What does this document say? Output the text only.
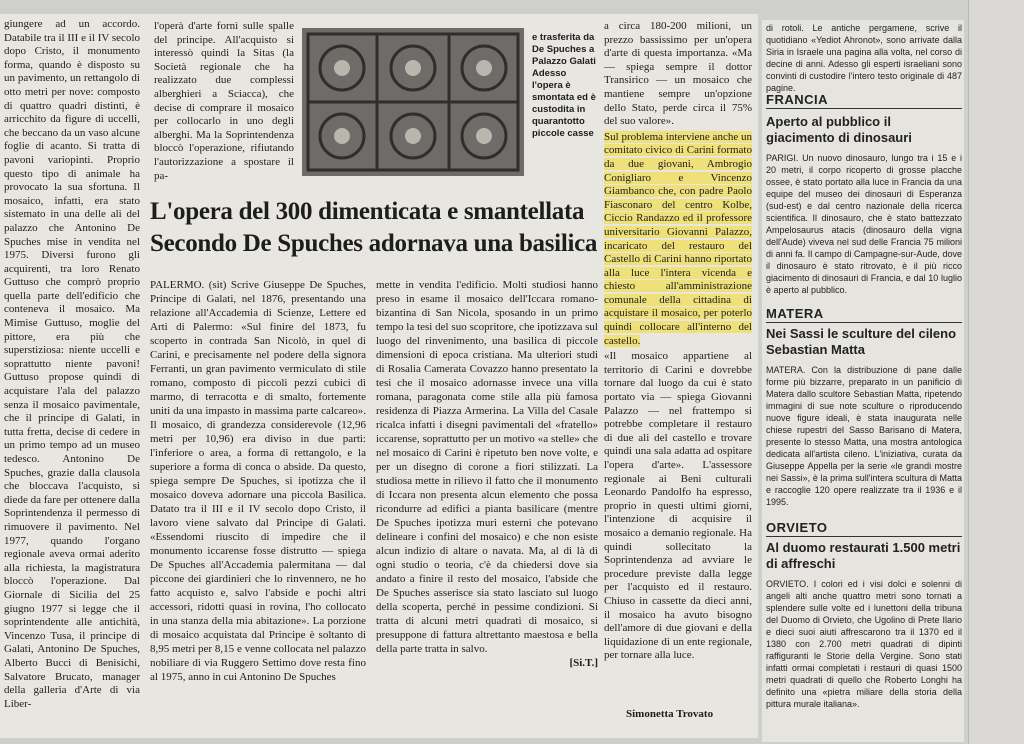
giungere ad un accordo. Databile tra il III e il IV secolo dopo Cristo, il monumento forma, quando è disposto su un pavimento, un rettangolo di otto metri per nove: composto di quattro quadri distinti, è arricchito da figure di uccelli, che beccano da un vaso alcune foglie di acanto. Si tratta di pavoni variopinti. Proprio questo tipo di animale ha provocato la sua sfortuna. Il mosaico, infatti, era stato sistemato in una delle ali del palazzo che Antonino De Spuches mise in vendita nel 1975. Diversi furono gli acquirenti, tra loro Renato Guttuso che comprò proprio quella parte dell'edificio che conteneva il mosaico. Ma Mimise Guttuso, moglie del pittore, era più che superstiziosa: niente uccelli e soprattutto niente pavoni! Guttuso propose quindi di acquistare l'ala del palazzo senza il mosaico pavimentale, che il principe di Galati, in tutta fretta, decise di cedere in un primo tempo ad un museo tedesco. Antonino De Spuches, grazie dalla clausola che bloccava l'acquisto, si diede da fare per ottenere dalla Soprintendenza il permesso di rimuovere il pavimento. Nel 1977, quando l'organo regionale aveva ormai aderito alla richiesta, la magistratura bloccò l'operazione. Dal Giornale di Sicilia del 25 giugno 1977 si legge che il soprintendente alle antichità, Vincenzo Tusa, il principe di Galati, Antonino De Spuches, Alberto Bucci di Benisichi, Salvatore Brucato, manager della galleria d'Arte di via Liber-

l'operà d'arte fornì sulle spalle del principe. All'acquisto si interessò quindi la Sitas (la Società regionale che ha realizzato due complessi alberghieri a Sciacca), che decise di comprare il mosaico per collocarlo in uno degli alberghi. Ma la Soprintendenza bloccò l'operazione, rifiutando l'autorizzazione a spostare il pa-

e trasferita da De Spuches a Palazzo Galati Adesso l'opera è smontata ed è custodita in quarantotto piccole casse
L'opera del 300 dimenticata e smantellata
Secondo De Spuches adornava una basilica
PALERMO. (sit) Scrive Giuseppe De Spuches, Principe di Galati, nel 1876, presentando una relazione all'Accademia di Scienze, Lettere ed Arti di Palermo: «Sul finire del 1873, fu scoperto in contrada San Nicolò, in quel di Carini, e precisamente nel podere della signora Ferranti, un gran pavimento vermiculato di stile romano, composto di piccoli pezzi cubici di marmo, di terracotta e di smalto, fortemente uniti da una impasto in massima parte calcareo». Il mosaico, di grandezza considerevole (12,96 metri per 10,96) era diviso in due parti: l'inferiore o area, a forma di rettangolo, e la superiore a forma di conca o abside. Da questo, spiega sempre De Spuches, si ipotizza che il mosaico doveva adornare una piccola Basilica. Datato tra il III e il IV secolo dopo Cristo, il lavoro viene salvato dal Principe di Galati. «Essendomi riuscito di impedire che il monumento iccarense fosse distrutto — spiega De Spuches all'Accademia palermitana — dal piccone dei giardinieri che lo rinvennero, ne ho fatto acquisto e, salvo l'abside e pochi altri accessori, ridotti quasi in rovina, l'ho collocato in una stanza della mia abitazione». La porzione di mosaico acquistata dal Principe è soltanto di 8,95 metri per 8,15 e venne collocata nel palazzo nobiliare di via Ruggero Settimo dove resta fino al 1975, anno in cui Antonino De Spuches
mette in vendita l'edificio. Molti studiosi hanno preso in esame il mosaico dell'Iccara romano-bizantina di San Nicola, sposando in un primo tempo la tesi del suo scopritore, che ipotizzava sul luogo del rinvenimento, una basilica di piccole dimensioni di epoca cristiana. Ma ulteriori studi di Rosalia Camerata Covazzo hanno presentato la tesi che il mosaico adornasse invece una villa romana, paragonata come stile alla più famosa residenza di Piazza Armerina. La Villa del Casale ricalca infatti i disegni pavimentali del «fratello» iccarense, soprattutto per un motivo «a stelle» che nel mosaico di Carini è ripetuto ben nove volte, e per un disegno di corone a fiori stilizzati. La studiosa mette in rilievo il fatto che il monumento di Iccara non presenta alcun elemento che possa ricondurre ad edifici a pianta basilicare (mentre De Spuches ipotizza muri esterni che potevano delineare i confini del mosaico) e che non esiste alcun indizio di altare o navata. Ma, al di là di ogni studio o teoria, c'è da chiedersi dove sia andato a finire il resto del mosaico, l'abside che De Spuches asserisce sia stato lasciato sul luogo della scoperta, perché in pessime condizioni. Si tratta di alcuni metri quadrati di mosaico, si presuppone di fattura altrettanto maestosa e bella della parte tratta in salvo.
[Si.T.]

a circa 180-200 milioni, un prezzo bassissimo per un'opera d'arte di questa importanza. «Ma — spiega sempre il dottor Transirico — un mosaico che mantiene sempre un'opzione dello Stato, perde circa il 75% del suo valore».

Sul problema interviene anche un comitato civico di Carini formato da due giovani, Ambrogio Conigliaro e Vincenzo Giambanco che, con padre Paolo Fiasconaro del centro Kolbe, Ciccio Randazzo ed il professore universitario Giovanni Palazzo, incaricato del restauro del Castello di Carini hanno riportato alla luce l'intera vicenda e chiesto all'amministrazione comunale della cittadina di acquistare il mosaico, per poterlo quindi collocare all'interno del castello.

«Il mosaico appartiene al territorio di Carini e dovrebbe tornare dal luogo da cui è stato portato via — spiega Giovanni Palazzo — nel frattempo si potrebbe completare il restauro di due ali del castello e trovare quindi una sala adatta ad ospitare l'opera d'arte». L'assessore regionale ai Beni culturali Leonardo Pandolfo ha espresso, proprio in questi ultimi giorni, l'intenzione di acquisire il mosaico a demanio regionale. Ha quindi sollecitato la Soprintendenza ad avviare le procedure previste dalla legge per l'acquisto ed il restauro. Chiuso in cassette da dieci anni, il mosaico ha avuto bisogno dell'amore di due giovani e della liquidazione di un ente regionale, per tornare alla luce.

Simonetta Trovato
di rotoli. Le antiche pergamene, scrive il quotidiano «Yediot Ahronot», sono arrivate dalla Siria in Israele una pagina alla volta, nel corso di decine di anni. Adesso gli esperti israeliani sono convinti di custodire l'intero testo originale di 487 pagine.
FRANCIA
Aperto al pubblico il giacimento di dinosauri
PARIGI. Un nuovo dinosauro, lungo tra i 15 e i 20 metri, il corpo ricoperto di grosse placche ossee, è stato portato alla luce in Francia da una equipe del museo dei dinosauri di Esperanza (sud-est) e dal centro nazionale della ricerca scientifica. Il dinosauro, che è stato battezzato Ampelosaurus atacis (dinosauro della vigna dell'Aude) viveva nel sud delle Francia 75 milioni di anni fa. Il campo di Campagne-sur-Aude, dove il dinosauro è stato ritrovato, è il più ricco giacimento di dinosauri di Francia, e dal 10 luglio è aperto al pubblico.
MATERA
Nei Sassi le sculture del cileno Sebastian Matta
MATERA. Con la distribuzione di pane dalle forme più bizzarre, preparato in un panificio di Matera dallo scultore Sebastian Matta, ripetendo immagini di sue note sculture o riproducendo nuove figure ideali, è stata inaugurata nelle chiese rupestri del Sasso Barisano di Matera, presente lo stesso Matta, una mostra antologica dedicata all'artista cileno. L'iniziativa, curata da Giuseppe Appella per la serie «le grandi mostre nei Sassi», è la prima sull'intera scultura di Matta e raccoglie 120 opere realizzate tra il 1936 e il 1995.
ORVIETO
Al duomo restaurati 1.500 metri di affreschi
ORVIETO. I colori ed i visi dolci e solenni di angeli alti anche quattro metri sono tornati a splendere sulle volte ed i lunettoni della tribuna del Duomo di Orvieto, che Ugolino di Prete Ilario e dieci suoi aiuti affrescarono tra il 1370 ed il 1380 con 2.700 metri quadrati di dipinti raffiguranti le Storie della Vergine. Sono stati infatti ormai completati i restauri di quasi 1500 metri quadrati di quello che Roberto Longhi ha definito una «pietra miliare della storia della pittura murale italiana».
